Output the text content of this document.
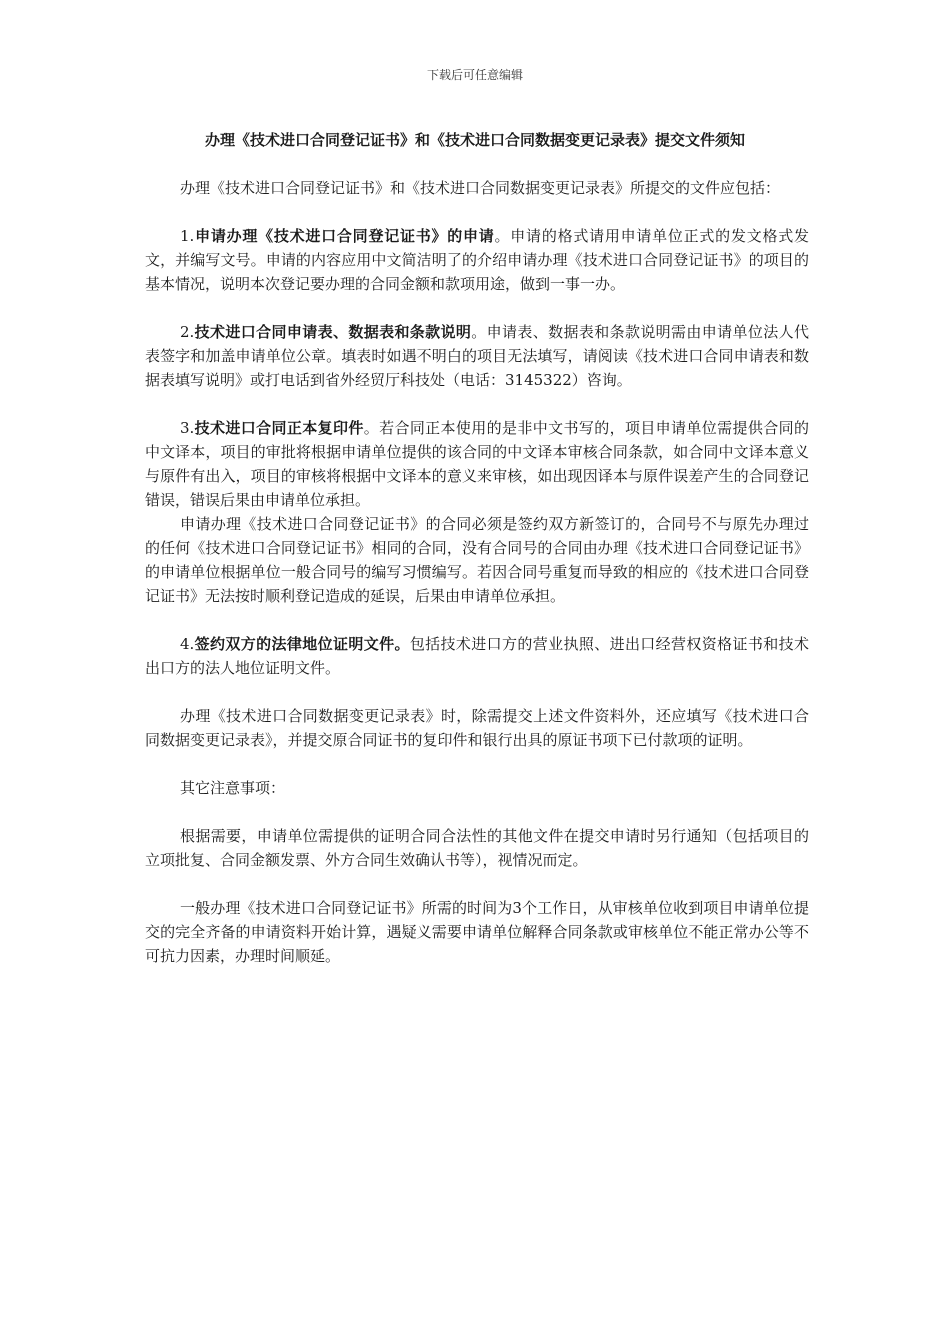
下载后可任意编辑
办理《技术进口合同登记证书》和《技术进口合同数据变更记录表》提交文件须知

办理《技术进口合同登记证书》和《技术进口合同数据变更记录表》所提交的文件应包括：

1.申请办理《技术进口合同登记证书》的申请。申请的格式请用申请单位正式的发文格式发文，并编写文号。申请的内容应用中文简洁明了的介绍申请办理《技术进口合同登记证书》的项目的基本情况，说明本次登记要办理的合同金额和款项用途，做到一事一办。

2.技术进口合同申请表、数据表和条款说明。申请表、数据表和条款说明需由申请单位法人代表签字和加盖申请单位公章。填表时如遇不明白的项目无法填写，请阅读《技术进口合同申请表和数据表填写说明》或打电话到省外经贸厅科技处（电话：3145322）咨询。

3.技术进口合同正本复印件。若合同正本使用的是非中文书写的，项目申请单位需提供合同的中文译本，项目的审批将根据申请单位提供的该合同的中文译本审核合同条款，如合同中文译本意义与原件有出入，项目的审核将根据中文译本的意义来审核，如出现因译本与原件误差产生的合同登记错误，错误后果由申请单位承担。

申请办理《技术进口合同登记证书》的合同必须是签约双方新签订的，合同号不与原先办理过的任何《技术进口合同登记证书》相同的合同，没有合同号的合同由办理《技术进口合同登记证书》的申请单位根据单位一般合同号的编写习惯编写。若因合同号重复而导致的相应的《技术进口合同登记证书》无法按时顺利登记造成的延误，后果由申请单位承担。

4.签约双方的法律地位证明文件。包括技术进口方的营业执照、进出口经营权资格证书和技术出口方的法人地位证明文件。

办理《技术进口合同数据变更记录表》时，除需提交上述文件资料外，还应填写《技术进口合同数据变更记录表》，并提交原合同证书的复印件和银行出具的原证书项下已付款项的证明。

其它注意事项：

根据需要，申请单位需提供的证明合同合法性的其他文件在提交申请时另行通知（包括项目的立项批复、合同金额发票、外方合同生效确认书等），视情况而定。

一般办理《技术进口合同登记证书》所需的时间为3个工作日，从审核单位收到项目申请单位提交的完全齐备的申请资料开始计算，遇疑义需要申请单位解释合同条款或审核单位不能正常办公等不可抗力因素，办理时间顺延。
